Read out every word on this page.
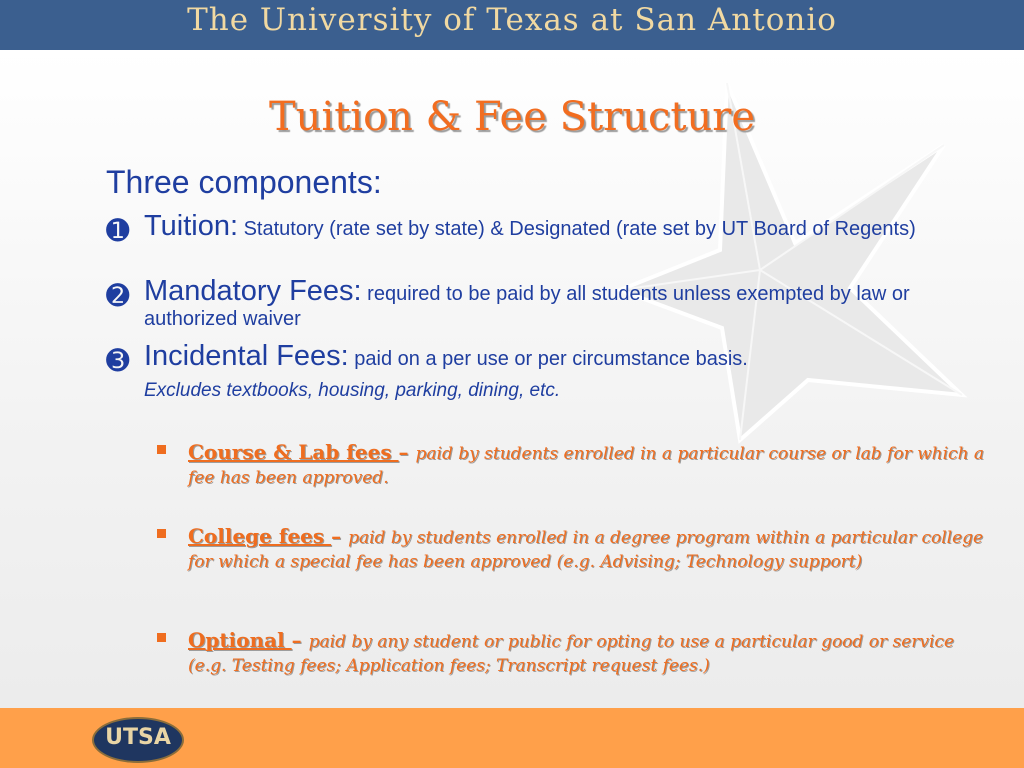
The University of Texas at San Antonio
Tuition & Fee Structure
Three components:
➊ Tuition: Statutory (rate set by state) & Designated (rate set by UT Board of Regents)
➋ Mandatory Fees: required to be paid by all students unless exempted by law or authorized waiver
➌ Incidental Fees: paid on a per use or per circumstance basis.
Excludes textbooks, housing, parking, dining, etc.
Course & Lab fees – paid by students enrolled in a particular course or lab for which a fee has been approved.
College fees – paid by students enrolled in a degree program within a particular college for which a special fee has been approved (e.g. Advising; Technology support)
Optional – paid by any student or public for opting to use a particular good or service (e.g. Testing fees; Application fees; Transcript request fees.)
UTSA
